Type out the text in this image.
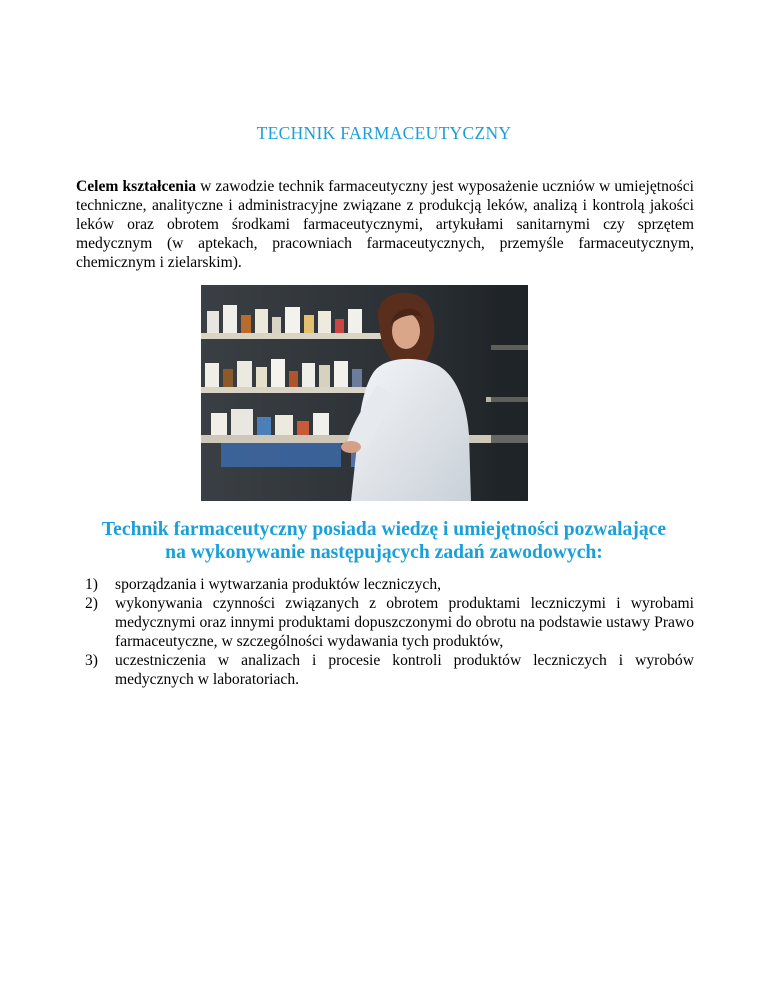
TECHNIK FARMACEUTYCZNY

Celem kształcenia w zawodzie technik farmaceutyczny jest wyposażenie uczniów w umiejętności techniczne, analityczne i administracyjne związane z produkcją leków, analizą i kontrolą jakości leków oraz obrotem środkami farmaceutycznymi, artykułami sanitarnymi czy sprzętem medycznym (w aptekach, pracowniach farmaceutycznych, przemyśle farmaceutycznym, chemicznym i zielarskim).

Technik farmaceutyczny posiada wiedzę i umiejętności pozwalające
na wykonywanie następujących zadań zawodowych:
1) sporządzania i wytwarzania produktów leczniczych,
2) wykonywania czynności związanych z obrotem produktami leczniczymi i wyrobami medycznymi oraz innymi produktami dopuszczonymi do obrotu na podstawie ustawy Prawo farmaceutyczne, w szczególności wydawania tych produktów,
3) uczestniczenia w analizach i procesie kontroli produktów leczniczych i wyrobów medycznych w laboratoriach.
